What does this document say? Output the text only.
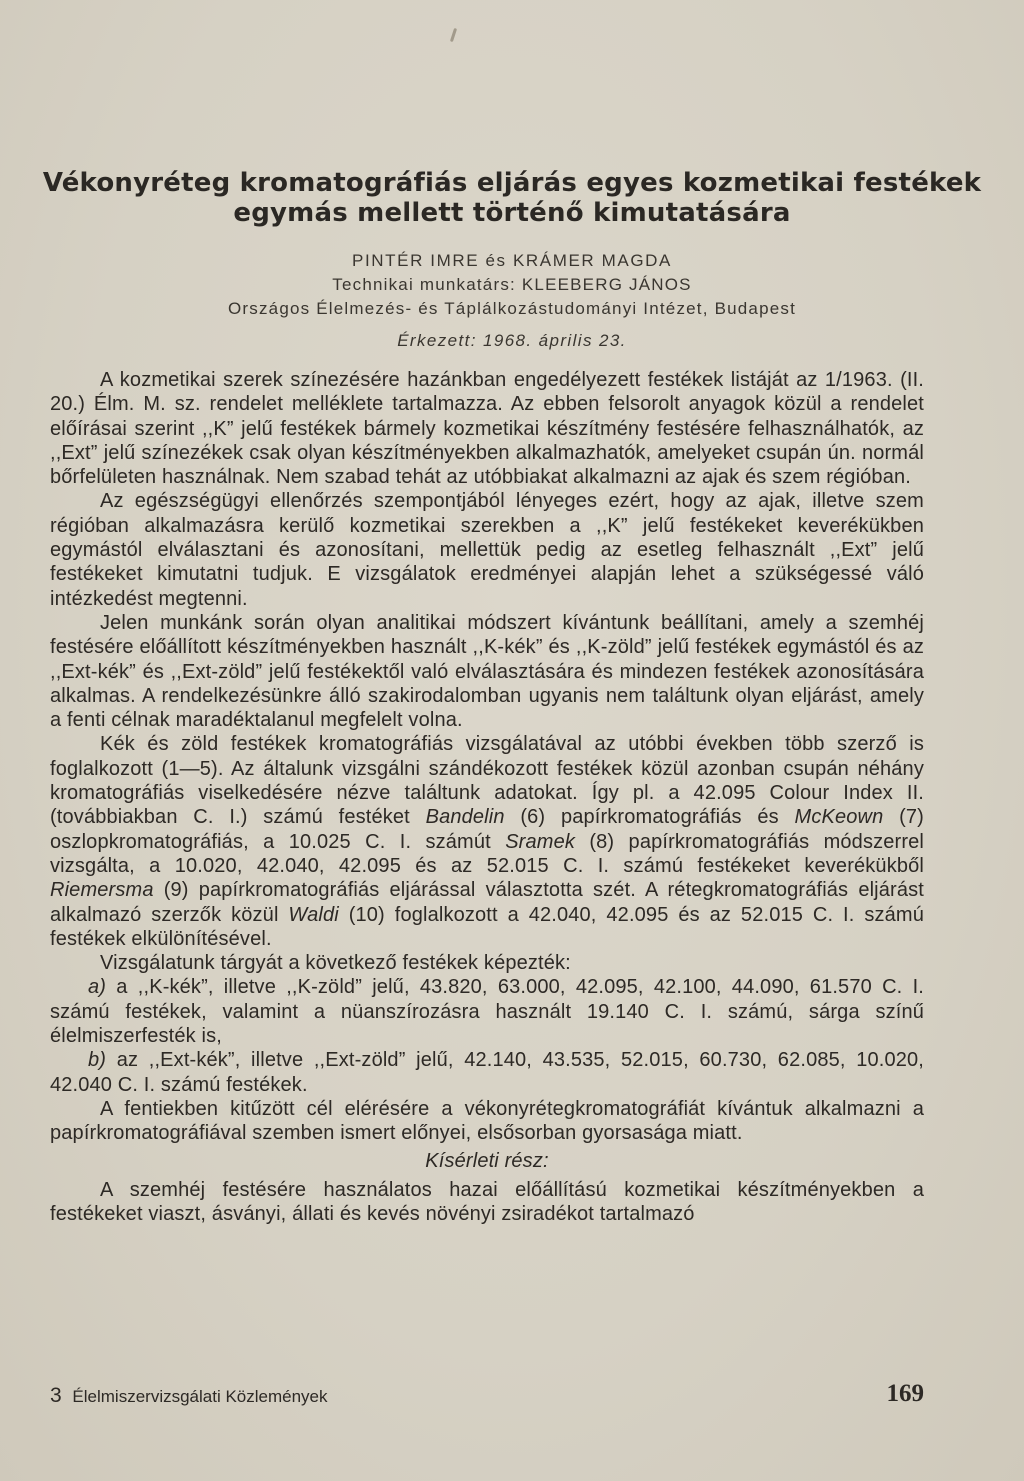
Vékonyréteg kromatográfiás eljárás egyes kozmetikai festékek
egymás mellett történő kimutatására
PINTÉR IMRE és KRÁMER MAGDA
Technikai munkatárs: KLEEBERG JÁNOS
Országos Élelmezés- és Táplálkozástudományi Intézet, Budapest
Érkezett: 1968. április 23.

A kozmetikai szerek színezésére hazánkban engedélyezett festékek listáját az 1/1963. (II. 20.) Élm. M. sz. rendelet melléklete tartalmazza. Az ebben felsorolt anyagok közül a rendelet előírásai szerint ,,K” jelű festékek bármely kozmetikai készítmény festésére felhasználhatók, az ,,Ext” jelű színezékek csak olyan készítményekben alkalmazhatók, amelyeket csupán ún. normál bőrfelületen használnak. Nem szabad tehát az utóbbiakat alkalmazni az ajak és szem régióban.

Az egészségügyi ellenőrzés szempontjából lényeges ezért, hogy az ajak, illetve szem régióban alkalmazásra kerülő kozmetikai szerekben a ,,K” jelű festékeket keverékükben egymástól elválasztani és azonosítani, mellettük pedig az esetleg felhasznált ,,Ext” jelű festékeket kimutatni tudjuk. E vizsgálatok eredményei alapján lehet a szükségessé váló intézkedést megtenni.

Jelen munkánk során olyan analitikai módszert kívántunk beállítani, amely a szemhéj festésére előállított készítményekben használt ,,K-kék” és ,,K-zöld” jelű festékek egymástól és az ,,Ext-kék” és ,,Ext-zöld” jelű festékektől való elválasztására és mindezen festékek azonosítására alkalmas. A rendelkezésünkre álló szakirodalomban ugyanis nem találtunk olyan eljárást, amely a fenti célnak maradéktalanul megfelelt volna.

Kék és zöld festékek kromatográfiás vizsgálatával az utóbbi években több szerző is foglalkozott (1—5). Az általunk vizsgálni szándékozott festékek közül azonban csupán néhány kromatográfiás viselkedésére nézve találtunk adatokat. Így pl. a 42.095 Colour Index II. (továbbiakban C. I.) számú festéket Bandelin (6) papírkromatográfiás és McKeown (7) oszlopkromatográfiás, a 10.025 C. I. számút Sramek (8) papírkromatográfiás módszerrel vizsgálta, a 10.020, 42.040, 42.095 és az 52.015 C. I. számú festékeket keverékükből Riemersma (9) papírkromatográfiás eljárással választotta szét. A rétegkromatográfiás eljárást alkalmazó szerzők közül Waldi (10) foglalkozott a 42.040, 42.095 és az 52.015 C. I. számú festékek elkülönítésével.

Vizsgálatunk tárgyát a következő festékek képezték:

a) a ,,K-kék”, illetve ,,K-zöld” jelű, 43.820, 63.000, 42.095, 42.100, 44.090, 61.570 C. I. számú festékek, valamint a nüanszírozásra használt 19.140 C. I. számú, sárga színű élelmiszerfesték is,

b) az ,,Ext-kék”, illetve ,,Ext-zöld” jelű, 42.140, 43.535, 52.015, 60.730, 62.085, 10.020, 42.040 C. I. számú festékek.

A fentiekben kitűzött cél elérésére a vékonyrétegkromatográfiát kívántuk alkalmazni a papírkromatográfiával szemben ismert előnyei, elsősorban gyorsasága miatt.

Kísérleti rész:

A szemhéj festésére használatos hazai előállítású kozmetikai készítményekben a festékeket viaszt, ásványi, állati és kevés növényi zsiradékot tartalmazó

3 Élelmiszervizsgálati Közlemények	169
